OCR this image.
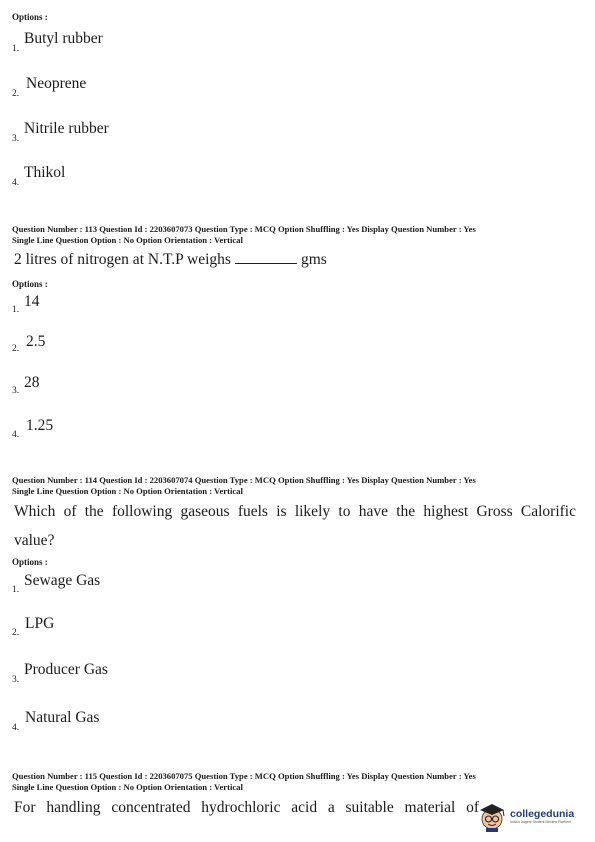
Options :
1.
Butyl rubber
2.
Neoprene
3.
Nitrile rubber
4.
Thikol
Question Number : 113 Question Id : 2203607073 Question Type : MCQ Option Shuffling : Yes Display Question Number : Yes
Single Line Question Option : No Option Orientation : Vertical
2 litres of nitrogen at N.T.P weighs	gms
Options :
1. 14
2. 2.5
3. 28
4.
1.25
Question Number : 114 Question Id : 2203607074 Question Type : MCQ Option Shuffling : Yes Display Question Number : Yes
Single Line Question Option : No Option Orientation : Vertical
Which of the following gaseous fuels is likely to have the highest Gross Calorific
value?
Options :
1.
Sewage Gas
2.
LPG
3.
Producer Gas
4.
Natural Gas
Question Number : 115 Question Id : 2203607075 Question Type : MCQ Option Shuffling : Yes Display Question Number : Yes
Single Line Question Option : No Option Orientation : Vertical
For handling concentrated hydrochloric acid a suitable material of	collegedunia
India's largest Student Review Platform
